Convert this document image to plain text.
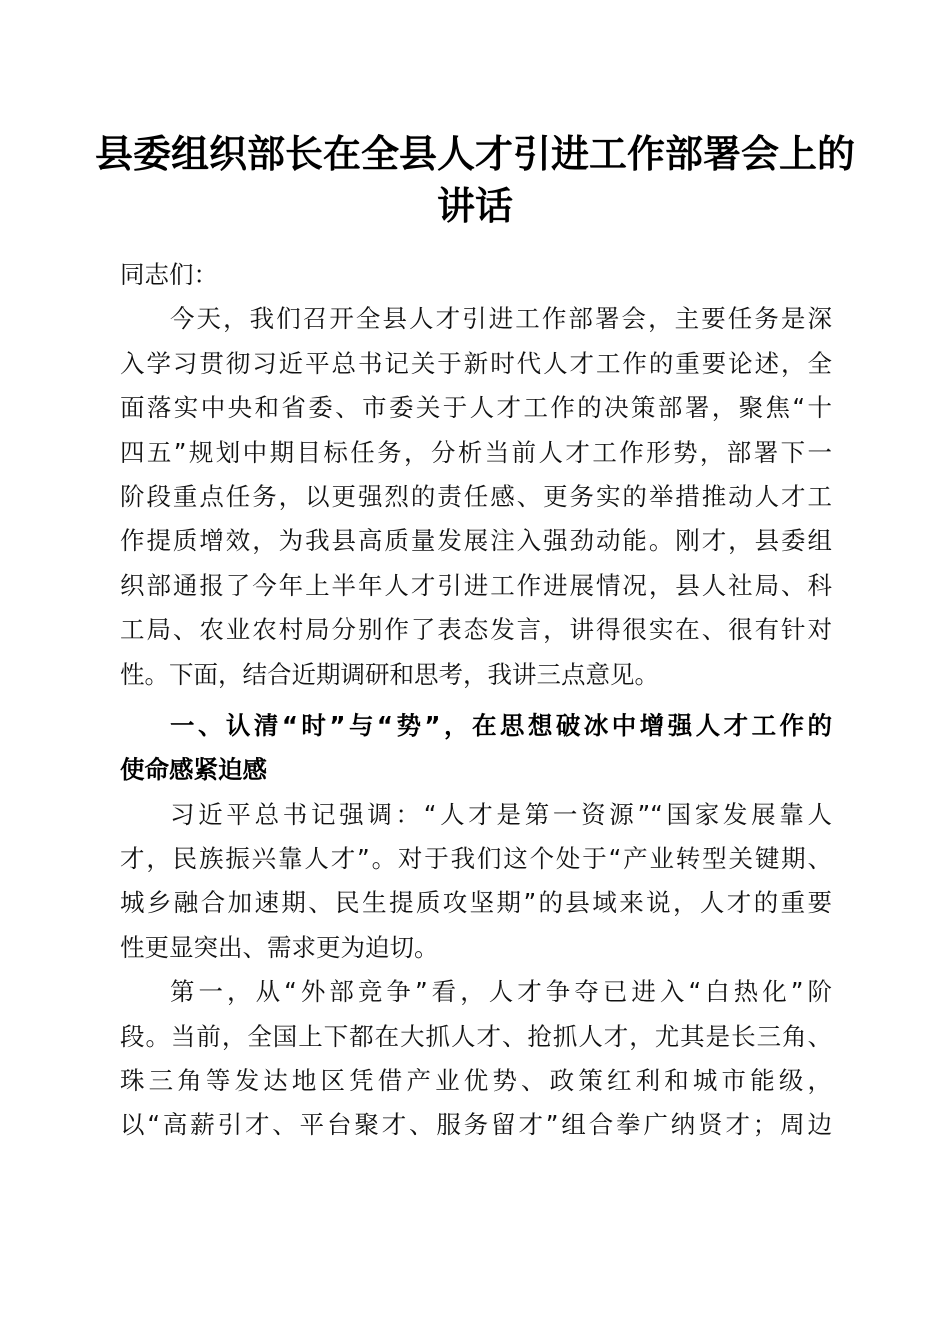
县委组织部长在全县人才引进工作部署会上的
讲话
同志们：
今天，我们召开全县人才引进工作部署会，主要任务是深
入学习贯彻习近平总书记关于新时代人才工作的重要论述，全
面落实中央和省委、市委关于人才工作的决策部署，聚焦“十
四五”规划中期目标任务，分析当前人才工作形势，部署下一
阶段重点任务，以更强烈的责任感、更务实的举措推动人才工
作提质增效，为我县高质量发展注入强劲动能。刚才，县委组
织部通报了今年上半年人才引进工作进展情况，县人社局、科
工局、农业农村局分别作了表态发言，讲得很实在、很有针对
性。下面，结合近期调研和思考，我讲三点意见。
一、认清“时”与“势”，在思想破冰中增强人才工作的
使命感紧迫感
习近平总书记强调：“人才是第一资源”“国家发展靠人
才，民族振兴靠人才”。对于我们这个处于“产业转型关键期、
城乡融合加速期、民生提质攻坚期”的县域来说，人才的重要
性更显突出、需求更为迫切。
第一，从“外部竞争”看，人才争夺已进入“白热化”阶
段。当前，全国上下都在大抓人才、抢抓人才，尤其是长三角、
珠三角等发达地区凭借产业优势、政策红利和城市能级，
以“高薪引才、平台聚才、服务留才”组合拳广纳贤才；周边
